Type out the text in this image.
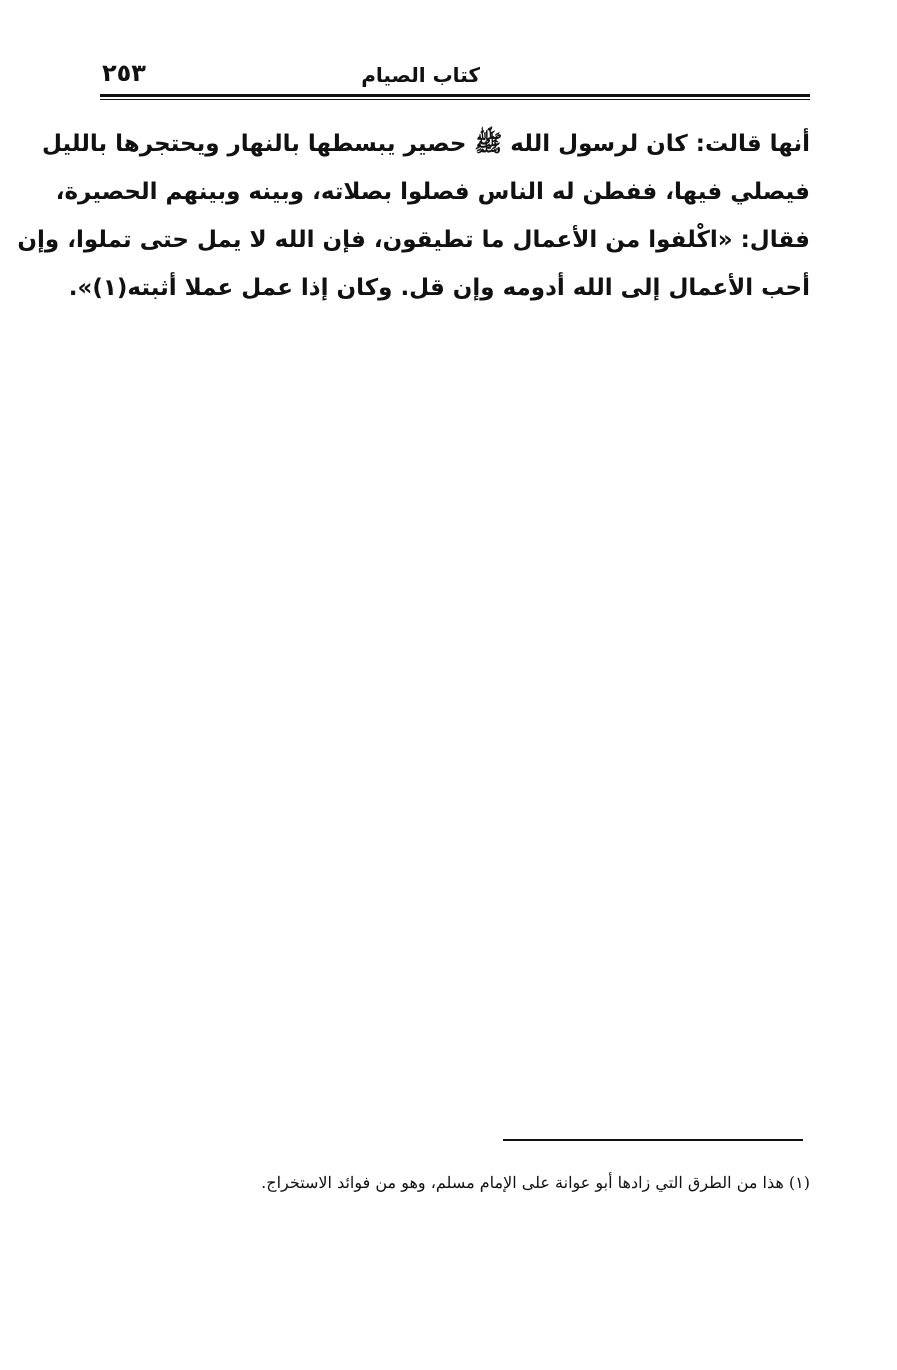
كتاب الصيام
٢٥٣
أنها قالت: كان لرسول الله ﷺ حصير يبسطها بالنهار ويحتجرها بالليل
فيصلي فيها، ففطن له الناس فصلوا بصلاته، وبينه وبينهم الحصيرة،
فقال: «اكْلفوا من الأعمال ما تطيقون، فإن الله لا يمل حتى تملوا، وإن
أحب الأعمال إلى الله أدومه وإن قل. وكان إذا عمل عملا أثبته(١)».
(١) هذا من الطرق التي زادها أبو عوانة على الإمام مسلم، وهو من فوائد الاستخراج.
